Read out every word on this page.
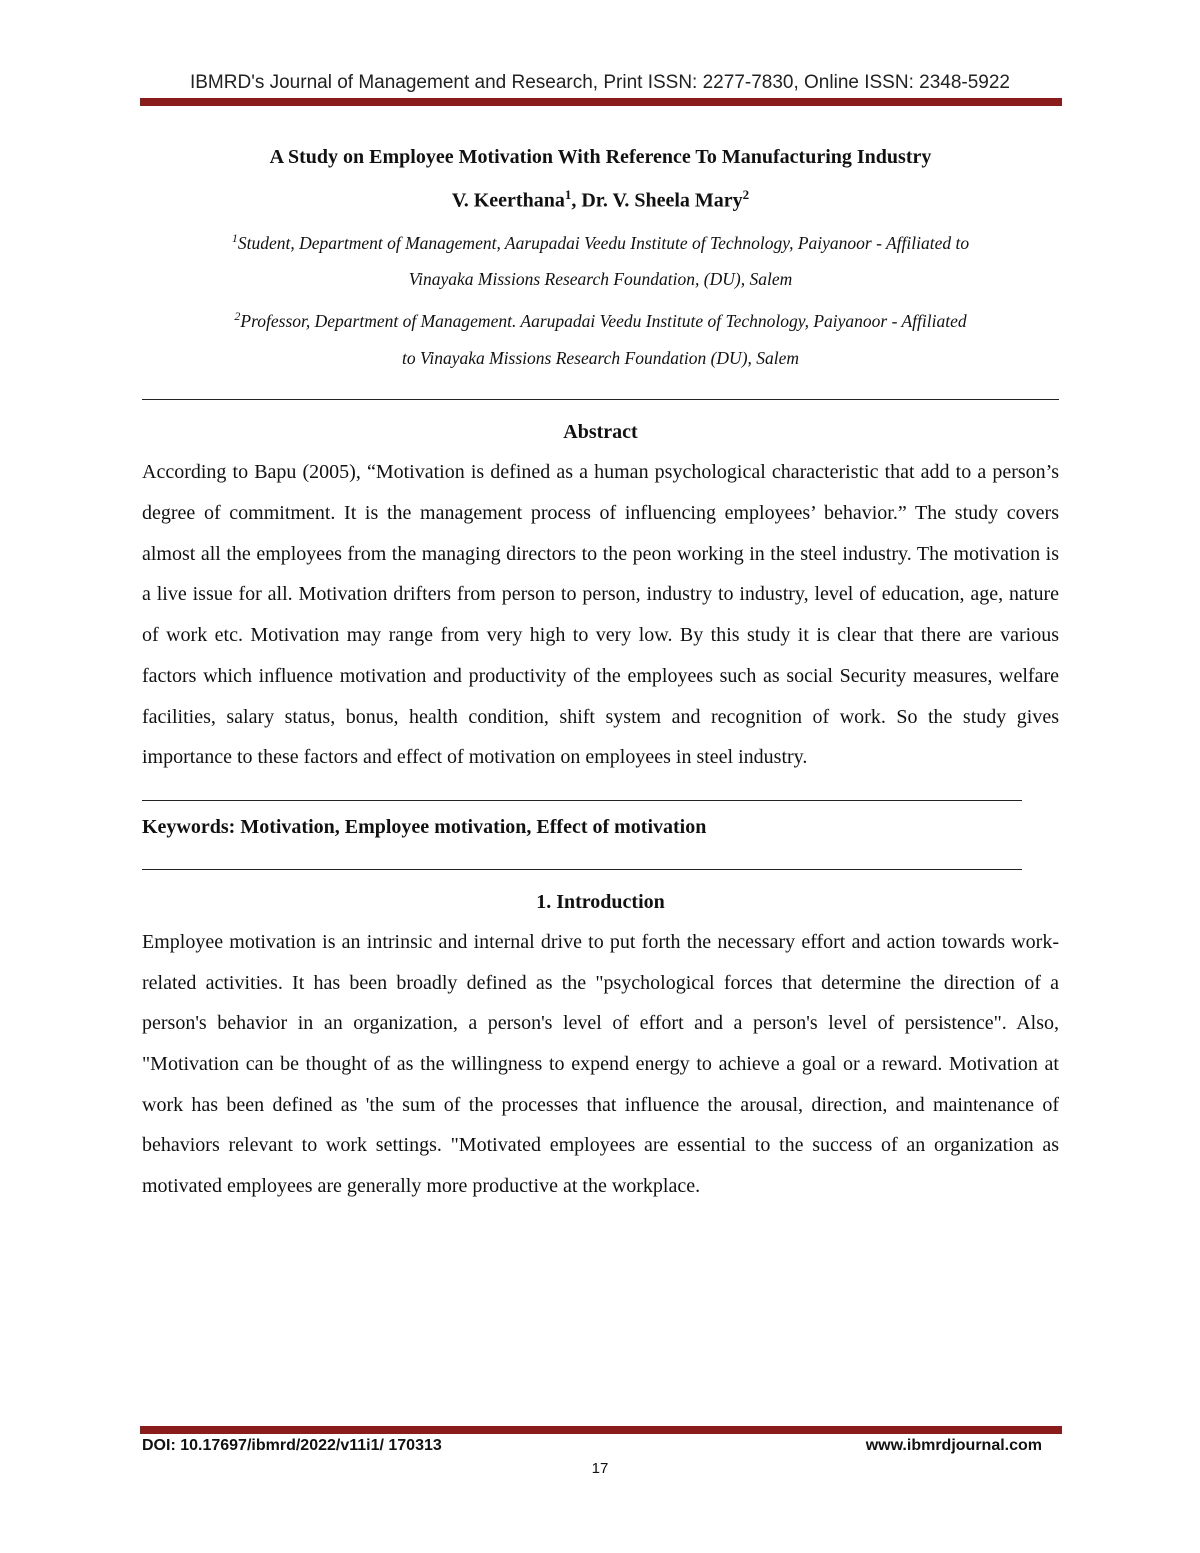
IBMRD's Journal of Management and Research, Print ISSN: 2277-7830, Online ISSN: 2348-5922
A Study on Employee Motivation With Reference To Manufacturing Industry
V. Keerthana$^1$, Dr. V. Sheela Mary$^2$
$^1$Student, Department of Management, Aarupadai Veedu Institute of Technology, Paiyanoor - Affiliated to
Vinayaka Missions Research Foundation, (DU), Salem
$^2$Professor, Department of Management. Aarupadai Veedu Institute of Technology, Paiyanoor - Affiliated
to Vinayaka Missions Research Foundation (DU), Salem
Abstract
According to Bapu (2005), “Motivation is defined as a human psychological characteristic that add to a person’s degree of commitment. It is the management process of influencing employees’ behavior.” The study covers almost all the employees from the managing directors to the peon working in the steel industry. The motivation is a live issue for all. Motivation drifters from person to person, industry to industry, level of education, age, nature of work etc. Motivation may range from very high to very low. By this study it is clear that there are various factors which influence motivation and productivity of the employees such as social Security measures, welfare facilities, salary status, bonus, health condition, shift system and recognition of work. So the study gives importance to these factors and effect of motivation on employees in steel industry.
Keywords: Motivation, Employee motivation, Effect of motivation
1. Introduction
Employee motivation is an intrinsic and internal drive to put forth the necessary effort and action towards work-related activities. It has been broadly defined as the "psychological forces that determine the direction of a person's behavior in an organization, a person's level of effort and a person's level of persistence". Also, "Motivation can be thought of as the willingness to expend energy to achieve a goal or a reward. Motivation at work has been defined as 'the sum of the processes that influence the arousal, direction, and maintenance of behaviors relevant to work settings. "Motivated employees are essential to the success of an organization as motivated employees are generally more productive at the workplace.
DOI: 10.17697/ibmrd/2022/v11i1/ 170313	www.ibmrdjournal.com
17
